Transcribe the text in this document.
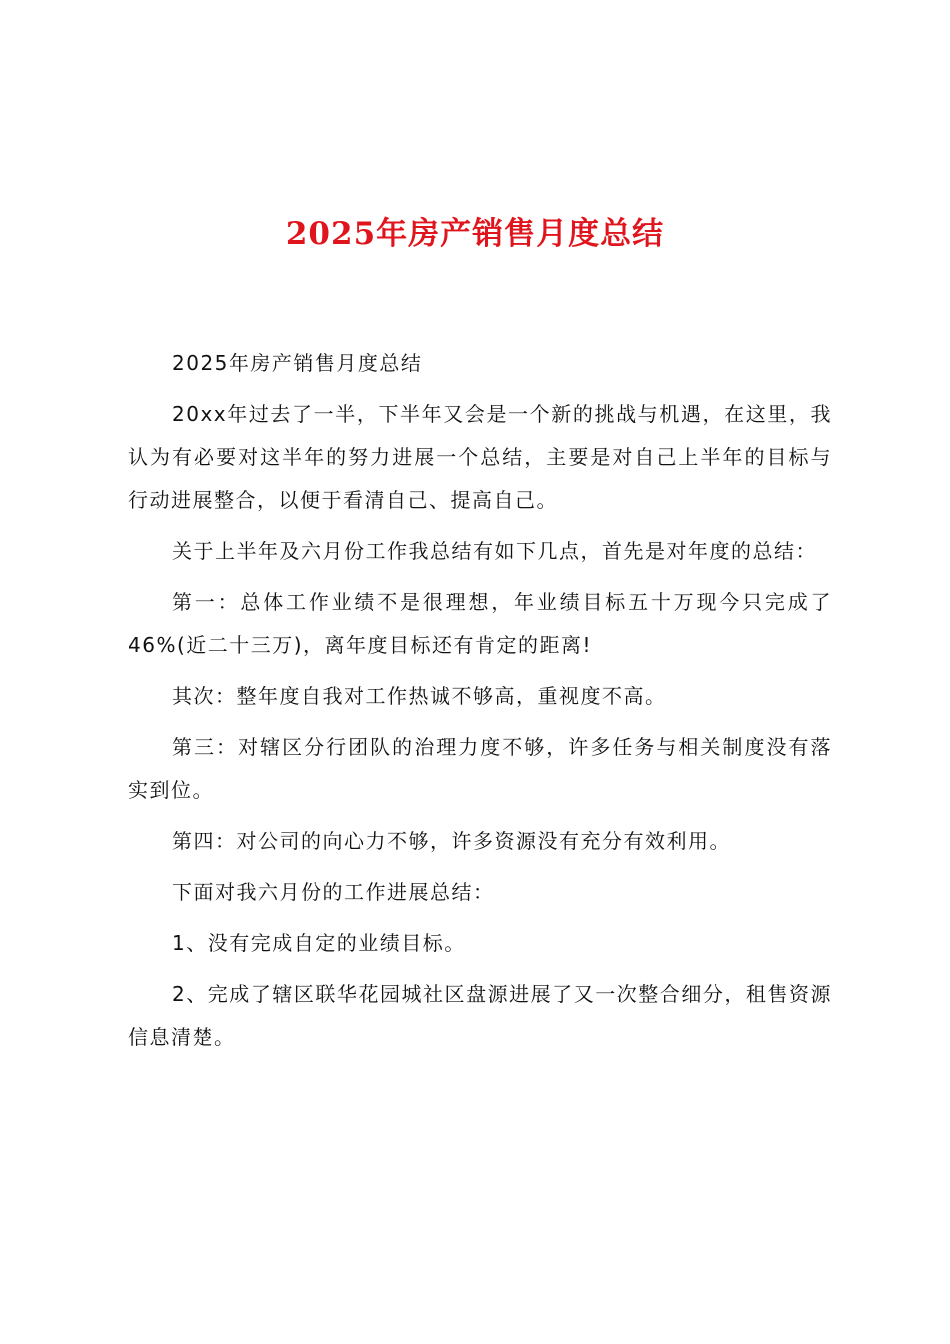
2025年房产销售月度总结

2025年房产销售月度总结

20xx年过去了一半，下半年又会是一个新的挑战与机遇，在这里，我认为有必要对这半年的努力进展一个总结，主要是对自己上半年的目标与行动进展整合，以便于看清自己、提高自己。

关于上半年及六月份工作我总结有如下几点，首先是对年度的总结：

第一：总体工作业绩不是很理想，年业绩目标五十万现今只完成了46%(近二十三万)，离年度目标还有肯定的距离!

其次：整年度自我对工作热诚不够高，重视度不高。

第三：对辖区分行团队的治理力度不够，许多任务与相关制度没有落实到位。

第四：对公司的向心力不够，许多资源没有充分有效利用。

下面对我六月份的工作进展总结：

1、没有完成自定的业绩目标。

2、完成了辖区联华花园城社区盘源进展了又一次整合细分，租售资源信息清楚。
